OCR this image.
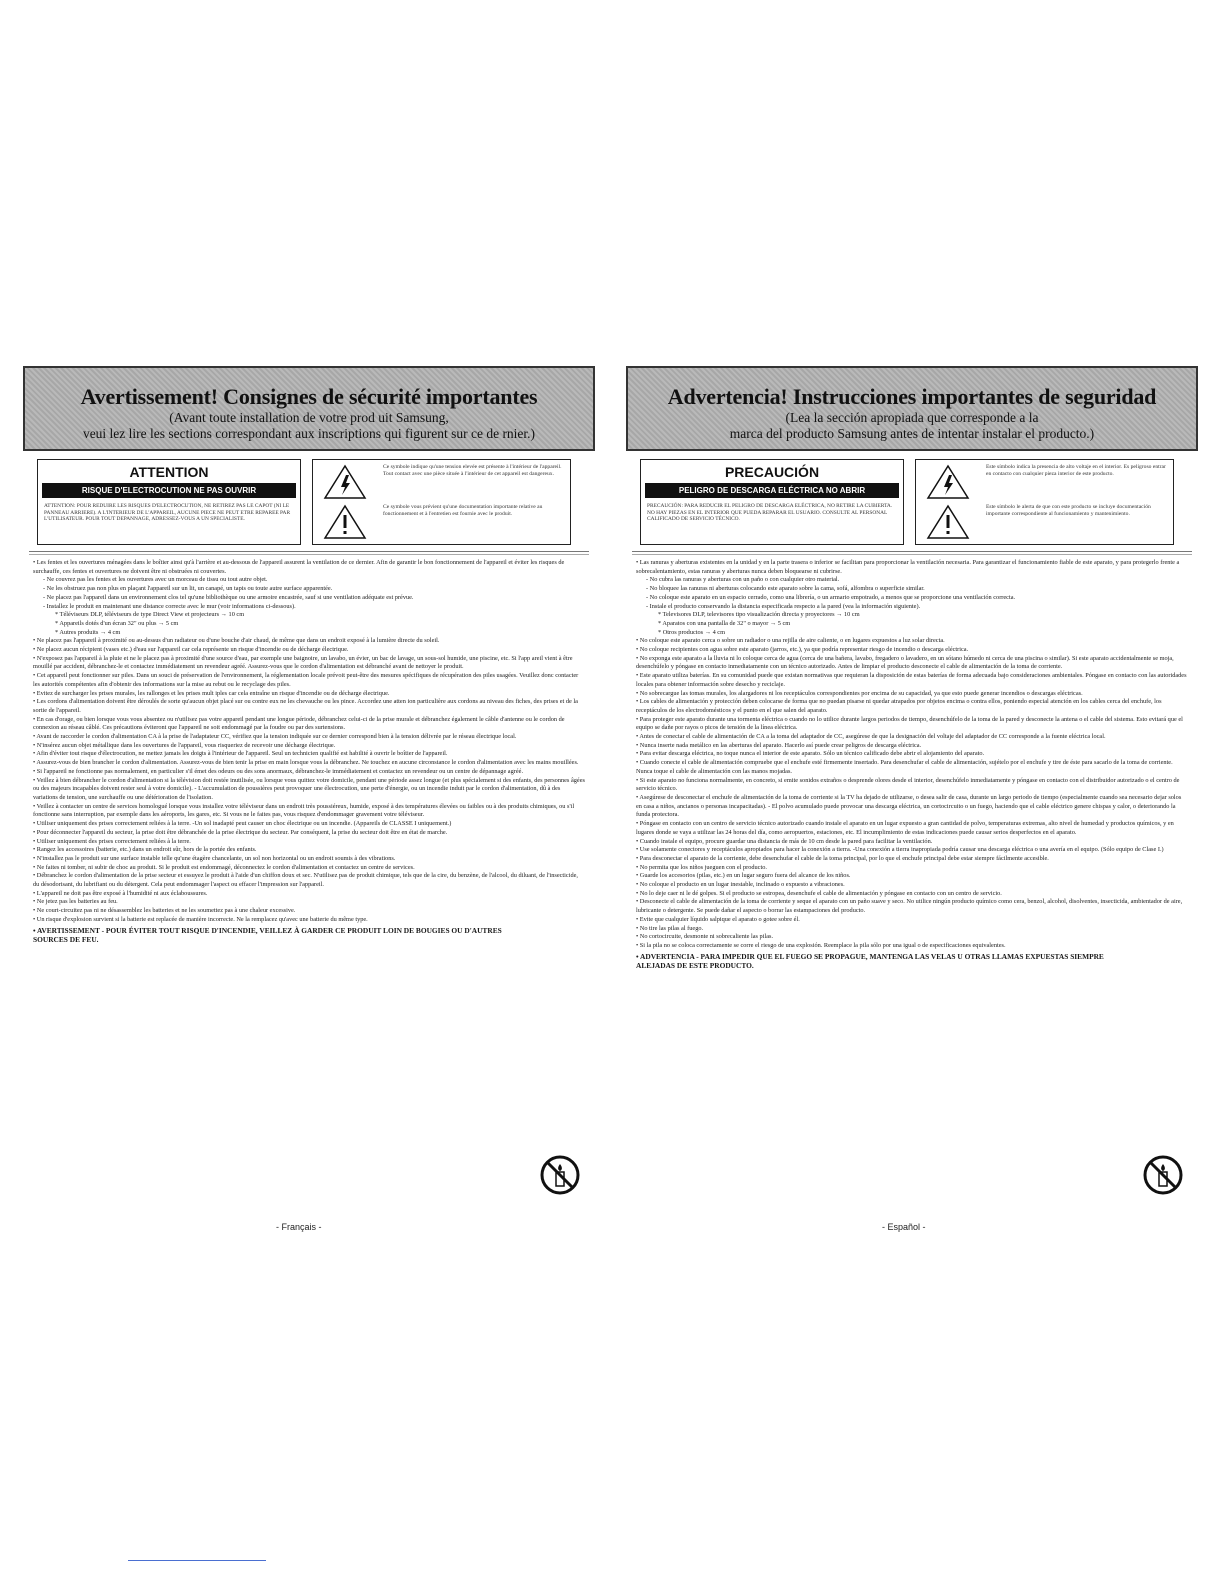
Avertissement! Consignes de sécurité importantes

(Avant toute installation de votre prod uit Samsung,

veui lez lire les sections correspondant aux inscriptions qui figurent sur ce de rnier.)

ATTENTION
RISQUE D'ELECTROCUTION NE PAS OUVRIR
ATTENTION: POUR REDUIRE LES RISQUES D'ELECTROCUTION, NE RETIREZ PAS LE CAPOT (NI LE PANNEAU ARRIERE). A L'INTERIEUR DE L'APPAREIL, AUCUNE PIECE NE PEUT ETRE REPAREE PAR L'UTILISATEUR. POUR TOUT DEPANNAGE, ADRESSEZ-VOUS A UN SPECIALISTE.
Ce symbole indique qu'une tension elevée est présente à l'intérieur de l'appareil. Tout contact avec une pièce située à l'intérieur de cet appareil est dangereux.
Ce symbole vous prévient qu'une documentation importante relative au fonctionnement et à l'entretien est fournie avec le produit.
• Les fentes et les ouvertures ménagées dans le boîtier ainsi qu'à l'arrière et au-dessous de l'appareil assurent la ventilation de ce dernier. Afin de garantir le bon fonctionnement de l'appareil et éviter les risques de surchauffe, ces fentes et ouvertures ne doivent être ni obstruées ni couvertes.
- Ne couvrez pas les fentes et les ouvertures avec un morceau de tissu ou tout autre objet.
- Ne les obstruez pas non plus en plaçant l'appareil sur un lit, un canapé, un tapis ou toute autre surface apparentée.
- Ne placez pas l'appareil dans un environnement clos tel qu'une bibliothèque ou une armoire encastrée, sauf si une ventilation adéquate est prévue.
- Installez le produit en maintenant une distance correcte avec le mur (voir informations ci-dessous).
* Téléviseurs DLP, téléviseurs de type Direct View et projecteurs → 10 cm
* Appareils dotés d'un écran 32" ou plus → 5 cm
* Autres produits → 4 cm
• Ne placez pas l'appareil à proximité ou au-dessus d'un radiateur ou d'une bouche d'air chaud, de même que dans un endroit exposé à la lumière directe du soleil.
• Ne placez aucun récipient (vases etc.) d'eau sur l'appareil car cela représente un risque d'incendie ou de décharge électrique.
• N'exposez pas l'appareil à la pluie et ne le placez pas à proximité d'une source d'eau, par exemple une baignoire, un lavabo, un évier, un bac de lavage, un sous-sol humide, une piscine, etc. Si l'app areil vient à être mouillé par accident, débranchez-le et contactez immédiatement un revendeur agréé. Assurez-vous que le cordon d'alimentation est débranché avant de nettoyer le produit.
• Cet appareil peut fonctionner sur piles. Dans un souci de préservation de l'environnement, la réglementation locale prévoit peut-être des mesures spécifiques de récupération des piles usagées. Veuillez donc contacter les autorités compétentes afin d'obtenir des informations sur la mise au rebut ou le recyclage des piles.
• Evitez de surcharger les prises murales, les rallonges et les prises mult iples car cela entraîne un risque d'incendie ou de décharge électrique.
• Les cordons d'alimentation doivent être déroulés de sorte qu'aucun objet placé sur ou contre eux ne les chevauche ou les pince. Accordez une atten ion particulière aux cordons au niveau des fiches, des prises et de la sortie de l'appareil.
• En cas d'orage, ou bien lorsque vous vous absentez ou n'utilisez pas votre appareil pendant une longue période, débranchez celui-ci de la prise murale et débranchez également le câble d'antenne ou le cordon de connexion au réseau câblé. Ces précautions éviteront que l'appareil ne soit endommagé par la foudre ou par des surtensions.
• Avant de raccorder le cordon d'alimentation CA à la prise de l'adaptateur CC, vérifiez que la tension indiquée sur ce dernier correspond bien à la tension délivrée par le réseau électrique local.
• N'insérez aucun objet métallique dans les ouvertures de l'appareil, vous risqueriez de recevoir une décharge électrique.
• Afin d'éviter tout risque d'électrocution, ne mettez jamais les doigts à l'intérieur de l'appareil. Seul un technicien qualifié est habilité à ouvrir le boîtier de l'appareil.
• Assurez-vous de bien brancher le cordon d'alimentation. Assurez-vous de bien tenir la prise en main lorsque vous la débranchez. Ne touchez en aucune circonstance le cordon d'alimentation avec les mains mouillées.
• Si l'appareil ne fonctionne pas normalement, en particulier s'il émet des odeurs ou des sons anormaux, débranchez-le immédiatement et contactez un revendeur ou un centre de dépannage agréé.
• Veillez à bien débrancher le cordon d'alimentation si la télévision doit restée inutilisée, ou lorsque vous quittez votre domicile, pendant une période assez longue (et plus spécialement si des enfants, des personnes âgées ou des majeurs incapables doivent rester seul à votre domicile). - L'accumulation de poussières peut provoquer une électrocution, une perte d'énergie, ou un incendie induit par le cordon d'alimentation, dû à des variations de tension, une surchauffe ou une détérioration de l'isolation.
• Veillez à contacter un centre de services homologué lorsque vous installez votre téléviseur dans un endroit très poussiéreux, humide, exposé à des températures élevées ou faibles ou à des produits chimiques, ou s'il fonctionne sans interruption, par exemple dans les aéroports, les gares, etc. Si vous ne le faites pas, vous risquez d'endommager gravement votre téléviseur.
• Utiliser uniquement des prises correctement reliées à la terre. -Un sol inadapté peut causer un choc électrique ou un incendie. (Appareils de CLASSE I uniquement.)
• Pour déconnecter l'appareil du secteur, la prise doit être débranchée de la prise électrique du secteur. Par conséquent, la prise du secteur doit être en état de marche.
• Utiliser uniquement des prises correctement reliées à la terre.
• Rangez les accessoires (batterie, etc.) dans un endroit sûr, hors de la portée des enfants.
• N'installez pas le produit sur une surface instable telle qu'une étagère chancelante, un sol non horizontal ou un endroit soumis à des vibrations.
• Ne faites ni tomber, ni subir de choc au produit. Si le produit est endommagé, déconnectez le cordon d'alimentation et contactez un centre de services.
• Débranchez le cordon d'alimentation de la prise secteur et essuyez le produit à l'aide d'un chiffon doux et sec. N'utilisez pas de produit chimique, tels que de la cire, du benzène, de l'alcool, du diluant, de l'insecticide, du désodorisant, du lubrifiant ou du détergent. Cela peut endommager l'aspect ou effacer l'impression sur l'appareil.
• L'appareil ne doit pas être exposé à l'humidité ni aux éclaboussures.
• Ne jetez pas les batteries au feu.
• Ne court-circuitez pas ni ne désassemblez les batteries et ne les soumettez pas à une chaleur excessive.
• Un risque d'explosion survient si la batterie est replacée de manière incorrecte. Ne la remplacez qu'avec une batterie du même type.
• AVERTISSEMENT - POUR ÉVITER TOUT RISQUE D'INCENDIE, VEILLEZ À GARDER CE PRODUIT LOIN DE BOUGIES OU D'AUTRES SOURCES DE FEU.
- Français -
Advertencia! Instrucciones importantes de seguridad

(Lea la sección apropiada que corresponde a la

marca del producto Samsung antes de intentar instalar el producto.)

PRECAUCIÓN
PELIGRO DE DESCARGA ELÉCTRICA NO ABRIR
PRECAUCIÓN: PARA REDUCIR EL PELIGRO DE DESCARGA ELÉCTRICA, NO RETIRE LA CUBIERTA. NO HAY PIEZAS EN EL INTERIOR QUE PUEDA REPARAR EL USUARIO. CONSULTE AL PERSONAL CALIFICADO DE SERVICIO TÉCNICO.
Este símbolo indica la presencia de alto voltaje en el interior. Es peligroso entrar en contacto con cualquier pieza interior de este producto.
Este símbolo le alerta de que con este producto se incluye documentación importante correspondiente al funcionamiento y mantenimiento.
• Las ranuras y aberturas existentes en la unidad y en la parte trasera o inferior se facilitan para proporcionar la ventilación necesaria. Para garantizar el funcionamiento fiable de este aparato, y para protegerlo frente a sobrecalentamiento, estas ranuras y aberturas nunca deben bloquearse ni cubrirse.
- No cubra las ranuras y aberturas con un paño o con cualquier otro material.
- No bloquee las ranuras ni aberturas colocando este aparato sobre la cama, sofá, alfombra o superficie similar.
- No coloque este aparato en un espacio cerrado, como una librería, o un armario empotrado, a menos que se proporcione una ventilación correcta.
- Instale el producto conservando la distancia especificada respecto a la pared (vea la información siguiente).
* Televisores DLP, televisores tipo visualización directa y proyectores → 10 cm
* Aparatos con una pantalla de 32" o mayor → 5 cm
* Otros productos → 4 cm
• No coloque este aparato cerca o sobre un radiador o una rejilla de aire caliente, o en lugares expuestos a luz solar directa.
• No coloque recipientes con agua sobre este aparato (jarros, etc.), ya que podría representar riesgo de incendio o descarga eléctrica.
• No exponga este aparato a la lluvia ni lo coloque cerca de agua (cerca de una bañera, lavabo, fregadero o lavadero, en un sótano húmedo ni cerca de una piscina o similar). Si este aparato accidentalmente se moja, desenchúfelo y póngase en contacto inmediatamente con un técnico autorizado. Antes de limpiar el producto desconecte el cable de alimentación de la toma de corriente.
• Este aparato utiliza baterías. En su comunidad puede que existan normativas que requieran la disposición de estas baterías de forma adecuada bajo consideraciones ambientales. Póngase en contacto con las autoridades locales para obtener información sobre desecho y reciclaje.
• No sobrecargue las tomas murales, los alargadores ni los receptáculos correspondientes por encima de su capacidad, ya que esto puede generar incendios o descargas eléctricas.
• Los cables de alimentación y protección deben colocarse de forma que no puedan pisarse ni quedar atrapados por objetos encima o contra ellos, poniendo especial atención en los cables cerca del enchufe, los receptáculos de los electrodomésticos y el punto en el que salen del aparato.
• Para proteger este aparato durante una tormenta eléctrica o cuando no lo utilice durante largos periodos de tiempo, desenchúfelo de la toma de la pared y desconecte la antena o el cable del sistema. Esto evitará que el equipo se dañe por rayos o picos de tensión de la línea eléctrica.
• Antes de conectar el cable de alimentación de CA a la toma del adaptador de CC, asegúrese de que la designación del voltaje del adaptador de CC corresponde a la fuente eléctrica local.
• Nunca inserte nada metálico en las aberturas del aparato. Hacerlo así puede crear peligros de descarga eléctrica.
• Para evitar descarga eléctrica, no toque nunca el interior de este aparato. Sólo un técnico calificado debe abrir el alojamiento del aparato.
• Cuando conecte el cable de alimentación compruebe que el enchufe esté firmemente insertado. Para desenchufar el cable de alimentación, sujételo por el enchufe y tire de éste para sacarlo de la toma de corriente. Nunca toque el cable de alimentación con las manos mojadas.
• Si este aparato no funciona normalmente, en concreto, si emite sonidos extraños o desprende olores desde el interior, desenchúfelo inmediatamente y póngase en contacto con el distribuidor autorizado o el centro de servicio técnico.
• Asegúrese de desconectar el enchufe de alimentación de la toma de corriente si la TV ha dejado de utilizarse, o desea salir de casa, durante un largo periodo de tiempo (especialmente cuando sea necesario dejar solos en casa a niños, ancianos o personas incapacitadas). - El polvo acumulado puede provocar una descarga eléctrica, un cortocircuito o un fuego, haciendo que el cable eléctrico genere chispas y calor, o deteriorando la funda protectora.
• Póngase en contacto con un centro de servicio técnico autorizado cuando instale el aparato en un lugar expuesto a gran cantidad de polvo, temperaturas extremas, alto nivel de humedad y productos químicos, y en lugares donde se vaya a utilizar las 24 horas del día, como aeropuertos, estaciones, etc. El incumplimiento de estas indicaciones puede causar serios desperfectos en el aparato.
• Cuando instale el equipo, procure guardar una distancia de más de 10 cm desde la pared para facilitar la ventilación.
• Use solamente conectores y receptáculos apropiados para hacer la conexión a tierra. -Una conexión a tierra inapropiada podría causar una descarga eléctrica o una avería en el equipo. (Sólo equipo de Clase I.)
• Para desconectar el aparato de la corriente, debe desenchufar el cable de la toma principal, por lo que el enchufe principal debe estar siempre fácilmente accesible.
• No permita que los niños jueguen con el producto.
• Guarde los accesorios (pilas, etc.) en un lugar seguro fuera del alcance de los niños.
• No coloque el producto en un lugar inestable, inclinado o expuesto a vibraciones.
• No lo deje caer ni le dé golpes. Si el producto se estropea, desenchufe el cable de alimentación y póngase en contacto con un centro de servicio.
• Desconecte el cable de alimentación de la toma de corriente y seque el aparato con un paño suave y seco. No utilice ningún producto químico como cera, benzol, alcohol, disolventes, insecticida, ambientador de aire, lubricante o detergente. Se puede dañar el aspecto o borrar las estampaciones del producto.
• Evite que cualquier líquido salpique el aparato o gotee sobre él.
• No tire las pilas al fuego.
• No cortocircuite, desmonte ni sobrecaliente las pilas.
• Si la pila no se coloca correctamente se corre el riesgo de una explosión. Reemplace la pila sólo por una igual o de especificaciones equivalentes.
• ADVERTENCIA - PARA IMPEDIR QUE EL FUEGO SE PROPAGUE, MANTENGA LAS VELAS U OTRAS LLAMAS EXPUESTAS SIEMPRE ALEJADAS DE ESTE PRODUCTO.
- Español -
